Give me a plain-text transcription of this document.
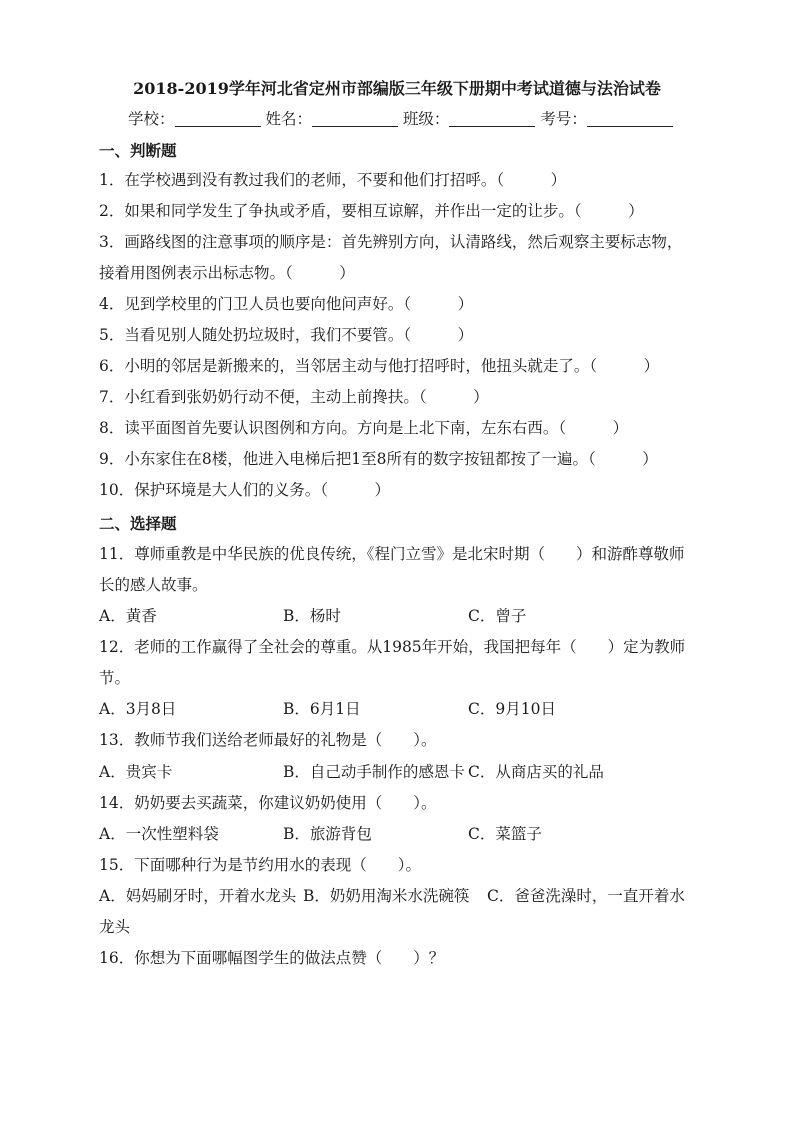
2018-2019学年河北省定州市部编版三年级下册期中考试道德与法治试卷
学校：	姓名：	班级：	考号：
一、判断题
1．在学校遇到没有教过我们的老师，不要和他们打招呼。（　　　）
2．如果和同学发生了争执或矛盾，要相互谅解，并作出一定的让步。（　　　）
3．画路线图的注意事项的顺序是：首先辨别方向，认清路线，然后观察主要标志物，
接着用图例表示出标志物。（　　　）
4．见到学校里的门卫人员也要向他问声好。（　　　）
5．当看见别人随处扔垃圾时，我们不要管。（　　　）
6．小明的邻居是新搬来的，当邻居主动与他打招呼时，他扭头就走了。（　　　）
7．小红看到张奶奶行动不便，主动上前搀扶。（　　　）
8．读平面图首先要认识图例和方向。方向是上北下南，左东右西。（　　　）
9．小东家住在8楼，他进入电梯后把1至8所有的数字按钮都按了一遍。（　　　）
10．保护环境是大人们的义务。（　　　）
二、选择题
11．尊师重教是中华民族的优良传统，《程门立雪》是北宋时期（　　）和游酢尊敬师
长的感人故事。
A．黄香	B．杨时	C．曾子
12．老师的工作赢得了全社会的尊重。从1985年开始，我国把每年（　　）定为教师
节。
A．3月8日	B．6月1日	C．9月10日
13．教师节我们送给老师最好的礼物是（　　）。
A．贵宾卡	B．自己动手制作的感恩卡 C．从商店买的礼品
14．奶奶要去买蔬菜，你建议奶奶使用（　　）。
A．一次性塑料袋	B．旅游背包	C．菜篮子
15．下面哪种行为是节约用水的表现（　　）。
A．妈妈刷牙时，开着水龙头 B．奶奶用淘米水洗碗筷 C．爸爸洗澡时，一直开着水
龙头
16．你想为下面哪幅图学生的做法点赞（　　）？
